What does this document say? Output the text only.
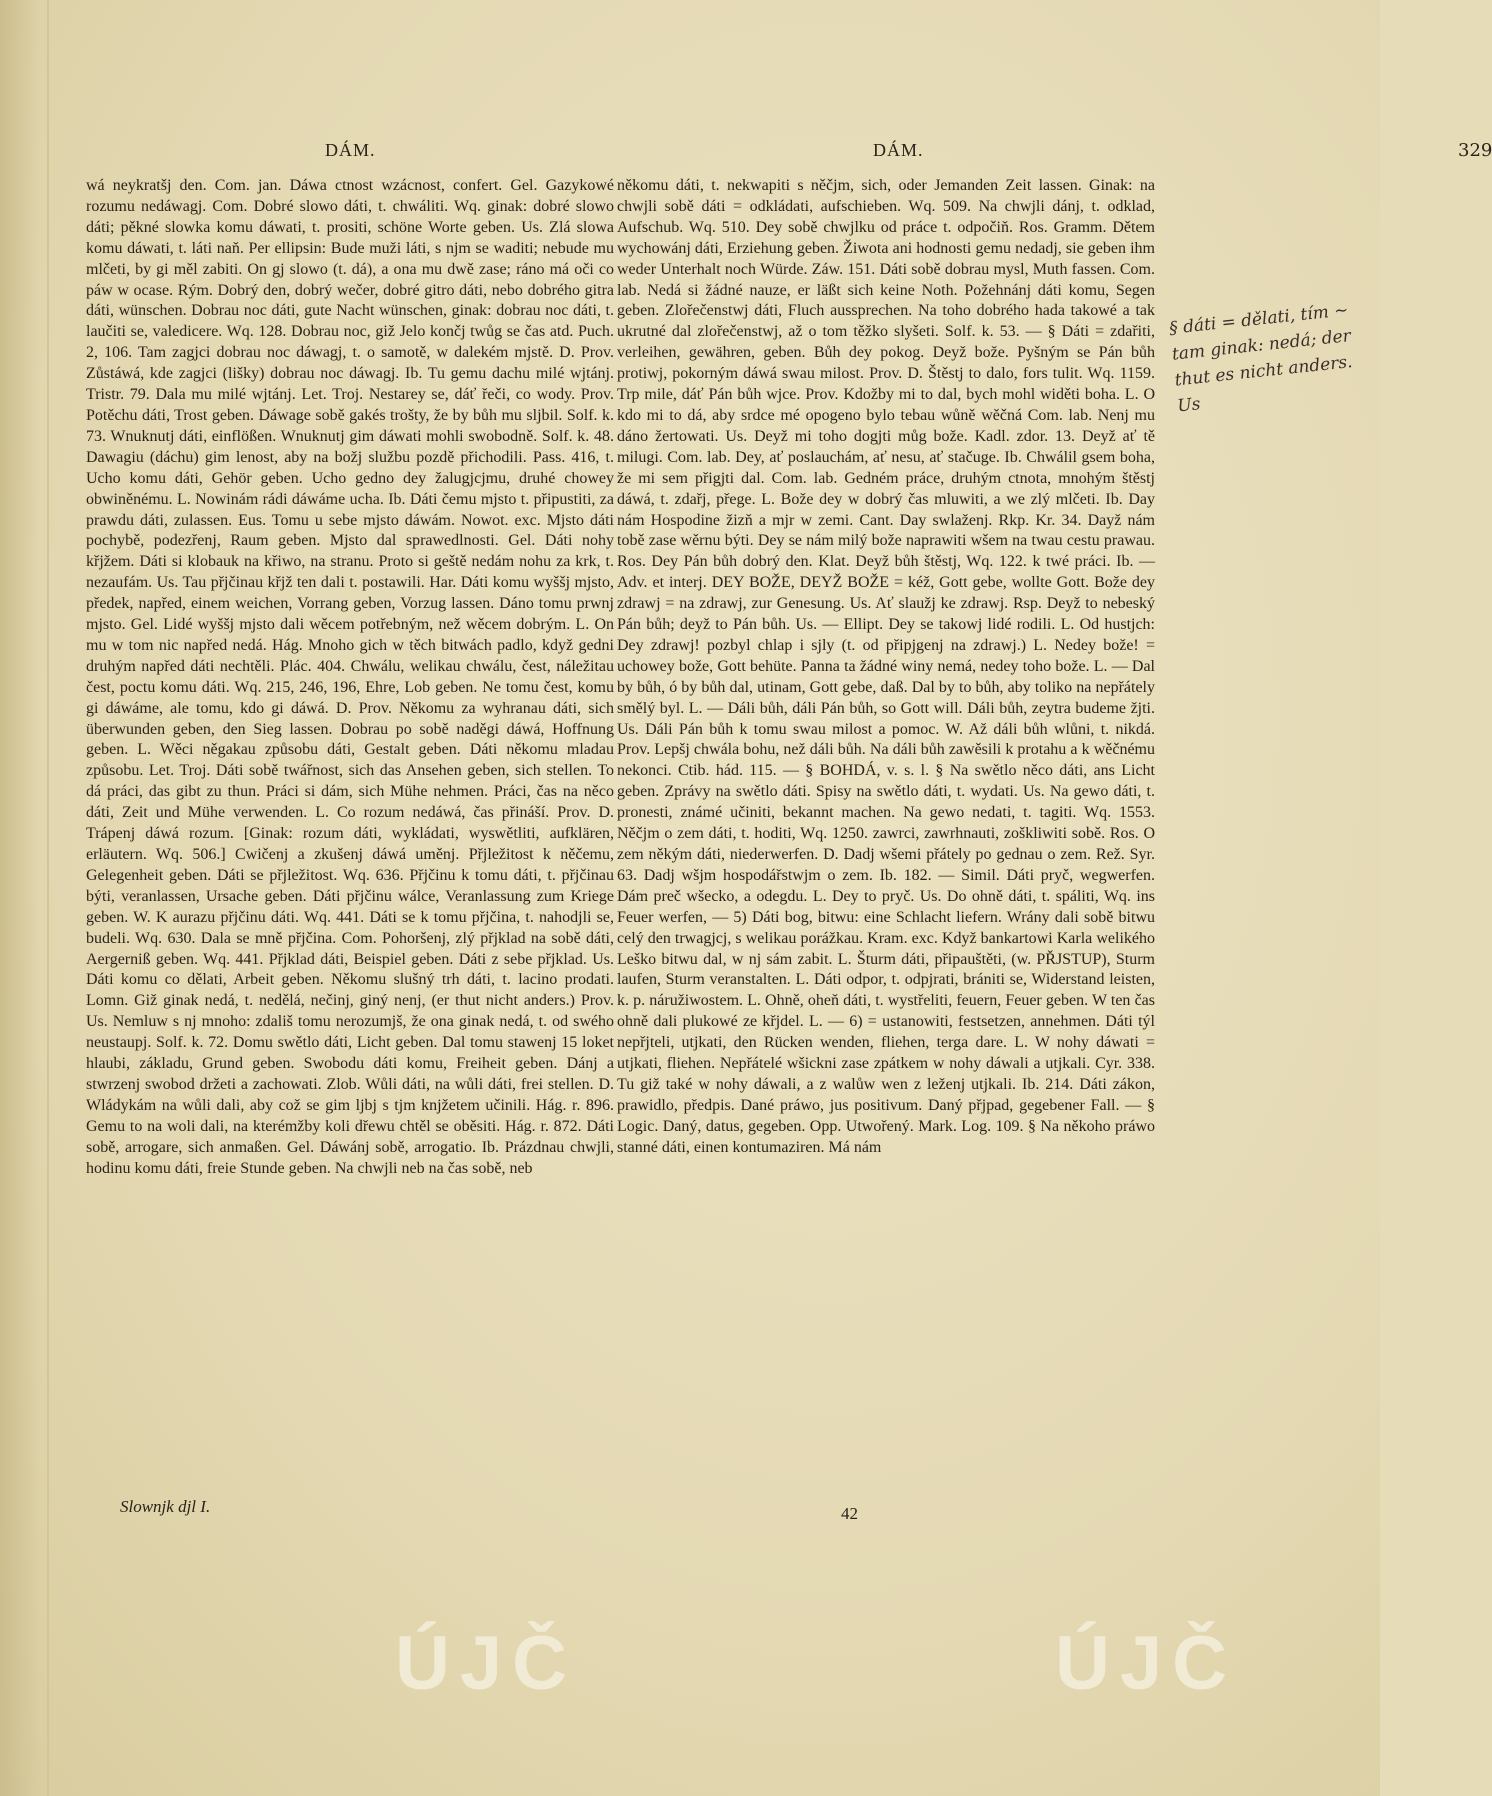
DÁM.	DÁM.	329

wá neykratšj den. Com. jan. Dáwa ctnost wzácnost, confert. Gel. Gazykowé rozumu nedáwagj. Com. Dobré slowo dáti, t. chwáliti. Wq. ginak: dobré slowo dáti; pěkné slowka komu dáwati, t. prositi, schöne Worte geben. Us. Zlá slowa komu dáwati, t. láti naň. Per ellipsin: Bude muži láti, s njm se waditi; nebude mu mlčeti, by gi měl zabiti. On gj slowo (t. dá), a ona mu dwě zase; ráno má oči co páw w ocase. Rým. Dobrý den, dobrý wečer, dobré gitro dáti, nebo dobrého gitra dáti, wünschen. Dobrau noc dáti, gute Nacht wünschen, ginak: dobrau noc dáti, t. laučiti se, valedicere. Wq. 128. Dobrau noc, giž Jelo končj twůg se čas atd. Puch. 2, 106. Tam zagjci dobrau noc dáwagj, t. o samotě, w dalekém mjstě. D. Prov. Zůstáwá, kde zagjci (lišky) dobrau noc dáwagj. Ib. Tu gemu dachu milé wjtánj. Tristr. 79. Dala mu milé wjtánj. Let. Troj. Nestarey se, dáť řeči, co wody. Prov. Potěchu dáti, Trost geben. Dáwage sobě gakés trošty, že by bůh mu sljbil. Solf. k. 73. Wnuknutj dáti, einflößen. Wnuknutj gim dáwati mohli swobodně. Solf. k. 48. Dawagiu (dáchu) gim lenost, aby na božj službu pozdě přichodili. Pass. 416, t. Ucho komu dáti, Gehör geben. Ucho gedno dey žalugjcjmu, druhé chowey obwiněnému. L. Nowinám rádi dáwáme ucha. Ib. Dáti čemu mjsto t. připustiti, za prawdu dáti, zulassen. Eus. Tomu u sebe mjsto dáwám. Nowot. exc. Mjsto dáti pochybě, podezřenj, Raum geben. Mjsto dal sprawedlnosti. Gel. Dáti nohy křjžem. Dáti si klobauk na křiwo, na stranu. Proto si geště nedám nohu za krk, t. nezaufám. Us. Tau přjčinau křjž ten dali t. postawili. Har. Dáti komu wyššj mjsto, předek, napřed, einem weichen, Vorrang geben, Vorzug lassen. Dáno tomu prwnj mjsto. Gel. Lidé wyššj mjsto dali wěcem potřebným, než wěcem dobrým. L. On mu w tom nic napřed nedá. Hág. Mnoho gich w těch bitwách padlo, když gedni druhým napřed dáti nechtěli. Plác. 404. Chwálu, welikau chwálu, čest, náležitau čest, poctu komu dáti. Wq. 215, 246, 196, Ehre, Lob geben. Ne tomu čest, komu gi dáwáme, ale tomu, kdo gi dáwá. D. Prov. Někomu za wyhranau dáti, sich überwunden geben, den Sieg lassen. Dobrau po sobě naděgi dáwá, Hoffnung geben. L. Wěci něgakau způsobu dáti, Gestalt geben. Dáti někomu mladau způsobu. Let. Troj. Dáti sobě twářnost, sich das Ansehen geben, sich stellen. To dá práci, das gibt zu thun. Práci si dám, sich Mühe nehmen. Práci, čas na něco dáti, Zeit und Mühe verwenden. L. Co rozum nedáwá, čas přináší. Prov. D. Trápenj dáwá rozum. [Ginak: rozum dáti, wykládati, wyswětliti, aufklären, erläutern. Wq. 506.] Cwičenj a zkušenj dáwá uměnj. Přjležitost k něčemu, Gelegenheit geben. Dáti se přjležitost. Wq. 636. Přjčinu k tomu dáti, t. přjčinau býti, veranlassen, Ursache geben. Dáti přjčinu wálce, Veranlassung zum Kriege geben. W. K aurazu přjčinu dáti. Wq. 441. Dáti se k tomu přjčina, t. nahodjli se, budeli. Wq. 630. Dala se mně přjčina. Com. Pohoršenj, zlý přjklad na sobě dáti, Aergerniß geben. Wq. 441. Přjklad dáti, Beispiel geben. Dáti z sebe přjklad. Us. Dáti komu co dělati, Arbeit geben. Někomu slušný trh dáti, t. lacino prodati. Lomn. Giž ginak nedá, t. nedělá, nečinj, giný nenj, (er thut nicht anders.) Prov. Us. Nemluw s nj mnoho: zdališ tomu nerozumjš, že ona ginak nedá, t. od swého neustaupj. Solf. k. 72. Domu swětlo dáti, Licht geben. Dal tomu stawenj 15 loket hlaubi, základu, Grund geben. Swobodu dáti komu, Freiheit geben. Dánj a stwrzenj swobod držeti a zachowati. Zlob. Wůli dáti, na wůli dáti, frei stellen. D. Wládykám na wůli dali, aby což se gim ljbj s tjm knjžetem učinili. Hág. r. 896. Gemu to na woli dali, na kterémžby koli dřewu chtěl se oběsiti. Hág. r. 872. Dáti sobě, arrogare, sich anmaßen. Gel. Dáwánj sobě, arrogatio. Ib. Prázdnau chwjli, hodinu komu dáti, freie Stunde geben. Na chwjli neb na čas sobě, neb

někomu dáti, t. nekwapiti s něčjm, sich, oder Jemanden Zeit lassen. Ginak: na chwjli sobě dáti = odkládati, aufschieben. Wq. 509. Na chwjli dánj, t. odklad, Aufschub. Wq. 510. Dey sobě chwjlku od práce t. odpočiň. Ros. Gramm. Dětem wychowánj dáti, Erziehung geben. Žiwota ani hodnosti gemu nedadj, sie geben ihm weder Unterhalt noch Würde. Záw. 151. Dáti sobě dobrau mysl, Muth fassen. Com. lab. Nedá si žádné nauze, er läßt sich keine Noth. Požehnánj dáti komu, Segen geben. Zlořečenstwj dáti, Fluch aussprechen. Na toho dobrého hada takowé a tak ukrutné dal zlořečenstwj, až o tom těžko slyšeti. Solf. k. 53. — § Dáti = zdařiti, verleihen, gewähren, geben. Bůh dey pokog. Deyž bože. Pyšným se Pán bůh protiwj, pokorným dáwá swau milost. Prov. D. Štěstj to dalo, fors tulit. Wq. 1159. Trp mile, dáť Pán bůh wjce. Prov. Kdožby mi to dal, bych mohl widěti boha. L. O kdo mi to dá, aby srdce mé opogeno bylo tebau wůně wěčná Com. lab. Nenj mu dáno žertowati. Us. Deyž mi toho dogjti můg bože. Kadl. zdor. 13. Deyž ať tě milugi. Com. lab. Dey, ať poslauchám, ať nesu, ať stačuge. Ib. Chwálil gsem boha, že mi sem přigjti dal. Com. lab. Gedném práce, druhým ctnota, mnohým štěstj dáwá, t. zdařj, přege. L. Bože dey w dobrý čas mluwiti, a we zlý mlčeti. Ib. Day nám Hospodine žizň a mjr w zemi. Cant. Day swlaženj. Rkp. Kr. 34. Dayž nám tobě zase wěrnu býti. Dey se nám milý bože naprawiti wšem na twau cestu prawau. Ros. Dey Pán bůh dobrý den. Klat. Deyž bůh štěstj, Wq. 122. k twé práci. Ib. — Adv. et interj. DEY BOŽE, DEYŽ BOŽE = kéž, Gott gebe, wollte Gott. Bože dey zdrawj = na zdrawj, zur Genesung. Us. Ať slaužj ke zdrawj. Rsp. Deyž to nebeský Pán bůh; deyž to Pán bůh. Us. — Ellipt. Dey se takowj lidé rodili. L. Od hustjch: Dey zdrawj! pozbyl chlap i sjly (t. od připjgenj na zdrawj.) L. Nedey bože! = uchowey bože, Gott behüte. Panna ta žádné winy nemá, nedey toho bože. L. — Dal by bůh, ó by bůh dal, utinam, Gott gebe, daß. Dal by to bůh, aby toliko na nepřátely smělý byl. L. — Dáli bůh, dáli Pán bůh, so Gott will. Dáli bůh, zeytra budeme žjti. Us. Dáli Pán bůh k tomu swau milost a pomoc. W. Až dáli bůh wlůni, t. nikdá. Prov. Lepšj chwála bohu, než dáli bůh. Na dáli bůh zawěsili k protahu a k wěčnému nekonci. Ctib. hád. 115. — § BOHDÁ, v. s. l. § Na swětlo něco dáti, ans Licht geben. Zprávy na swětlo dáti. Spisy na swětlo dáti, t. wydati. Us. Na gewo dáti, t. pronesti, známé učiniti, bekannt machen. Na gewo nedati, t. tagiti. Wq. 1553. Něčjm o zem dáti, t. hoditi, Wq. 1250. zawrci, zawrhnauti, zoškliwiti sobě. Ros. O zem někým dáti, niederwerfen. D. Dadj wšemi přátely po gednau o zem. Rež. Syr. 63. Dadj wšjm hospodářstwjm o zem. Ib. 182. — Simil. Dáti pryč, wegwerfen. Dám preč wšecko, a odegdu. L. Dey to pryč. Us. Do ohně dáti, t. spáliti, Wq. ins Feuer werfen, — 5) Dáti bog, bitwu: eine Schlacht liefern. Wrány dali sobě bitwu celý den trwagjcj, s welikau porážkau. Kram. exc. Když bankartowi Karla welikého Leško bitwu dal, w nj sám zabit. L. Šturm dáti, připauštěti, (w. PŘJSTUP), Sturm laufen, Sturm veranstalten. L. Dáti odpor, t. odpjrati, brániti se, Widerstand leisten, k. p. náružiwostem. L. Ohně, oheň dáti, t. wystřeliti, feuern, Feuer geben. W ten čas ohně dali plukowé ze křjdel. L. — 6) = ustanowiti, festsetzen, annehmen. Dáti týl nepřjteli, utjkati, den Rücken wenden, fliehen, terga dare. L. W nohy dáwati = utjkati, fliehen. Nepřátelé wšickni zase zpátkem w nohy dáwali a utjkali. Cyr. 338. Tu giž také w nohy dáwali, a z walůw wen z leženj utjkali. Ib. 214. Dáti zákon, prawidlo, předpis. Dané práwo, jus positivum. Daný přjpad, gegebener Fall. — § Logic. Daný, datus, gegeben. Opp. Utwořený. Mark. Log. 109. § Na někoho práwo stanné dáti, einen kontumaziren. Má nám

Slownjk djl I.	42
§ dáti = dělati, tím ~ tam ginak: nedá; der thut es nicht anders. Us
ÚJČ	ÚJČ
